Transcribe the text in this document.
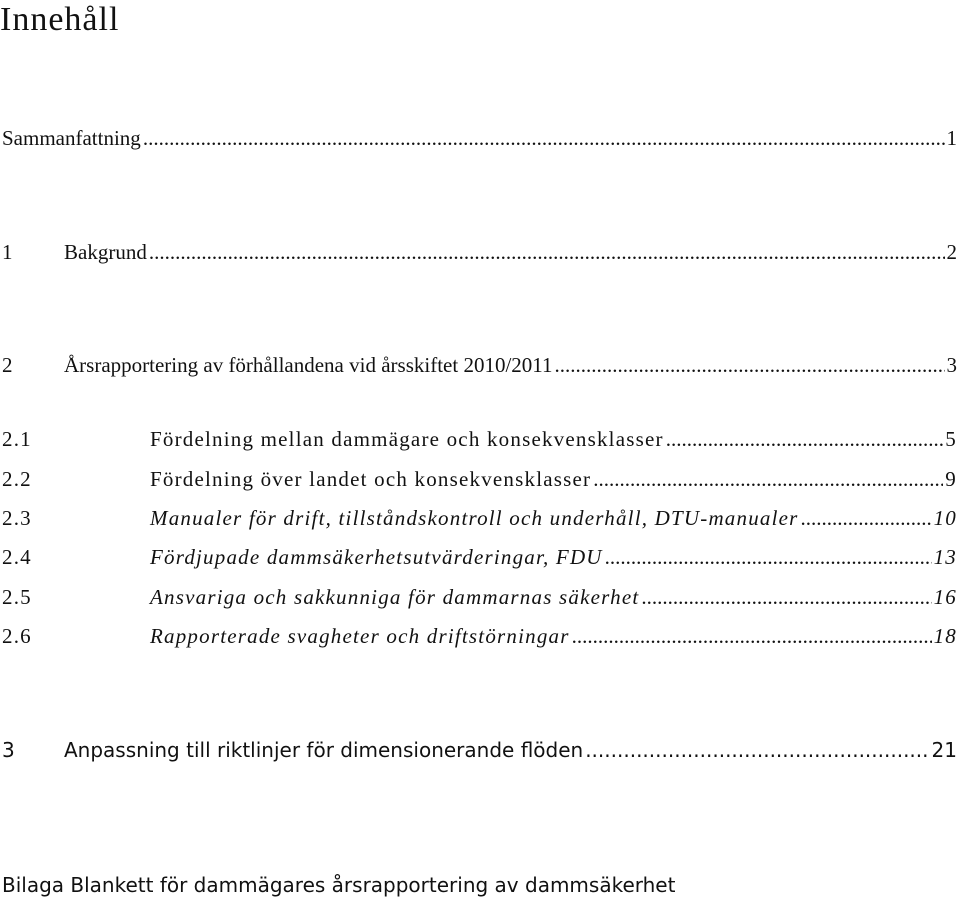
Innehåll
Sammanfattning .....	1
1	Bakgrund .....	2
2	Årsrapportering av förhållandena vid årsskiftet 2010/2011 .....	3
2.1	Fördelning mellan dammägare och konsekvensklasser .....	5
2.2	Fördelning över landet och konsekvensklasser .....	9
2.3	Manualer för drift, tillståndskontroll och underhåll, DTU-manualer .....	10
2.4	Fördjupade dammsäkerhetsutvärderingar, FDU .....	13
2.5	Ansvariga och sakkunniga för dammarnas säkerhet .....	16
2.6	Rapporterade svagheter och driftstörningar .....	18
3	Anpassning till riktlinjer för dimensionerande flöden .....	21
Bilaga Blankett för dammägares årsrapportering av dammsäkerhet
